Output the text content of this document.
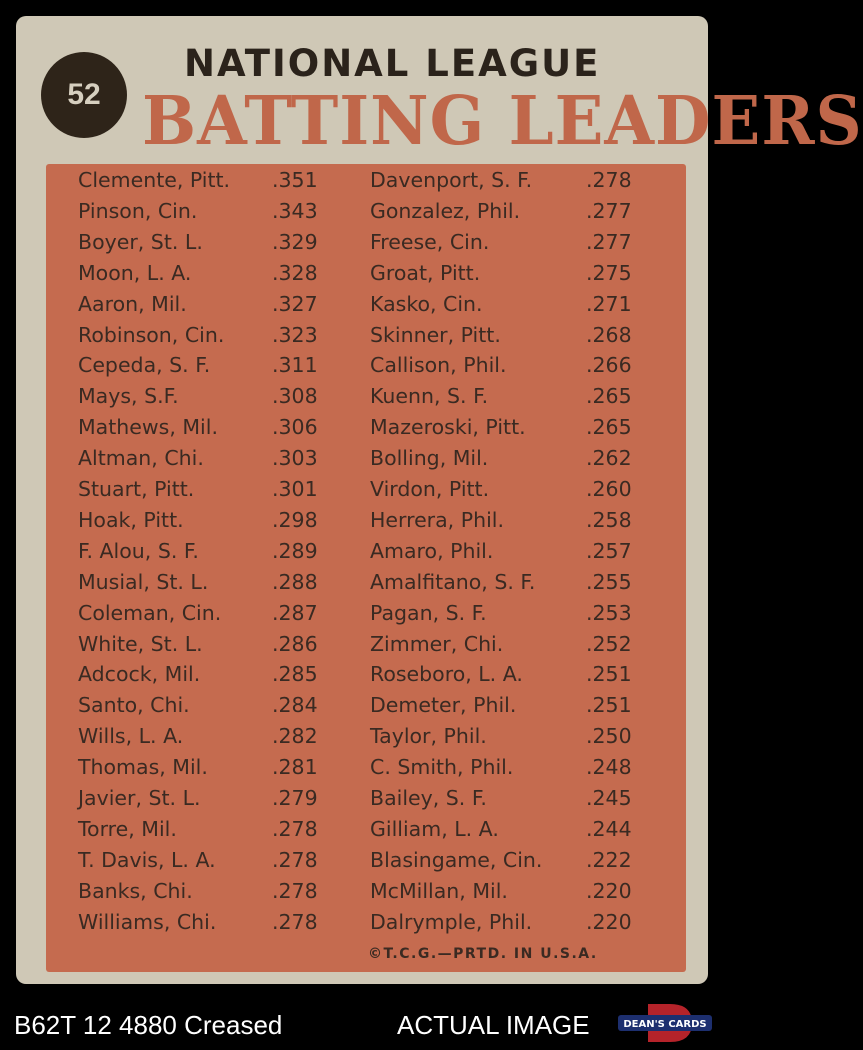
52
NATIONAL LEAGUE
BATTING LEADERS
Clemente, Pitt. .351
Pinson, Cin.	.343
Boyer, St. L.	.329
Moon, L. A.	.328
Aaron, Mil.	.327
Robinson, Cin. .323
Cepeda, S. F.	.311
Mays, S.F.	.308
Mathews, Mil.	.306
Altman, Chi.	.303
Stuart, Pitt.	.301
Hoak, Pitt.	.298
F. Alou, S. F.	.289
Musial, St. L.	.288
Coleman, Cin. .287
White, St. L.	.286
Adcock, Mil.	.285
Santo, Chi.	.284
Wills, L. A.	.282
Thomas, Mil.	.281
Javier, St. L.	.279
Torre, Mil.	.278
T. Davis, L. A.	.278
Banks, Chi.	.278
Williams, Chi.	.278
Davenport, S. F.	.278
Gonzalez, Phil.	.277
Freese, Cin.	.277
Groat, Pitt.	.275
Kasko, Cin.	.271
Skinner, Pitt.	.268
Callison, Phil.	.266
Kuenn, S. F.	.265
Mazeroski, Pitt.	.265
Bolling, Mil.	.262
Virdon, Pitt.	.260
Herrera, Phil.	.258
Amaro, Phil.	.257
Amalfitano, S. F. .255
Pagan, S. F.	.253
Zimmer, Chi.	.252
Roseboro, L. A.	.251
Demeter, Phil.	.251
Taylor, Phil.	.250
C. Smith, Phil.	.248
Bailey, S. F.	.245
Gilliam, L. A.	.244
Blasingame, Cin. .222
McMillan, Mil.	.220
Dalrymple, Phil.	.220
©T.C.G.—PRTD. IN U.S.A.
B62T 12 4880 Creased	ACTUAL IMAGE	DEAN'S CARDS
